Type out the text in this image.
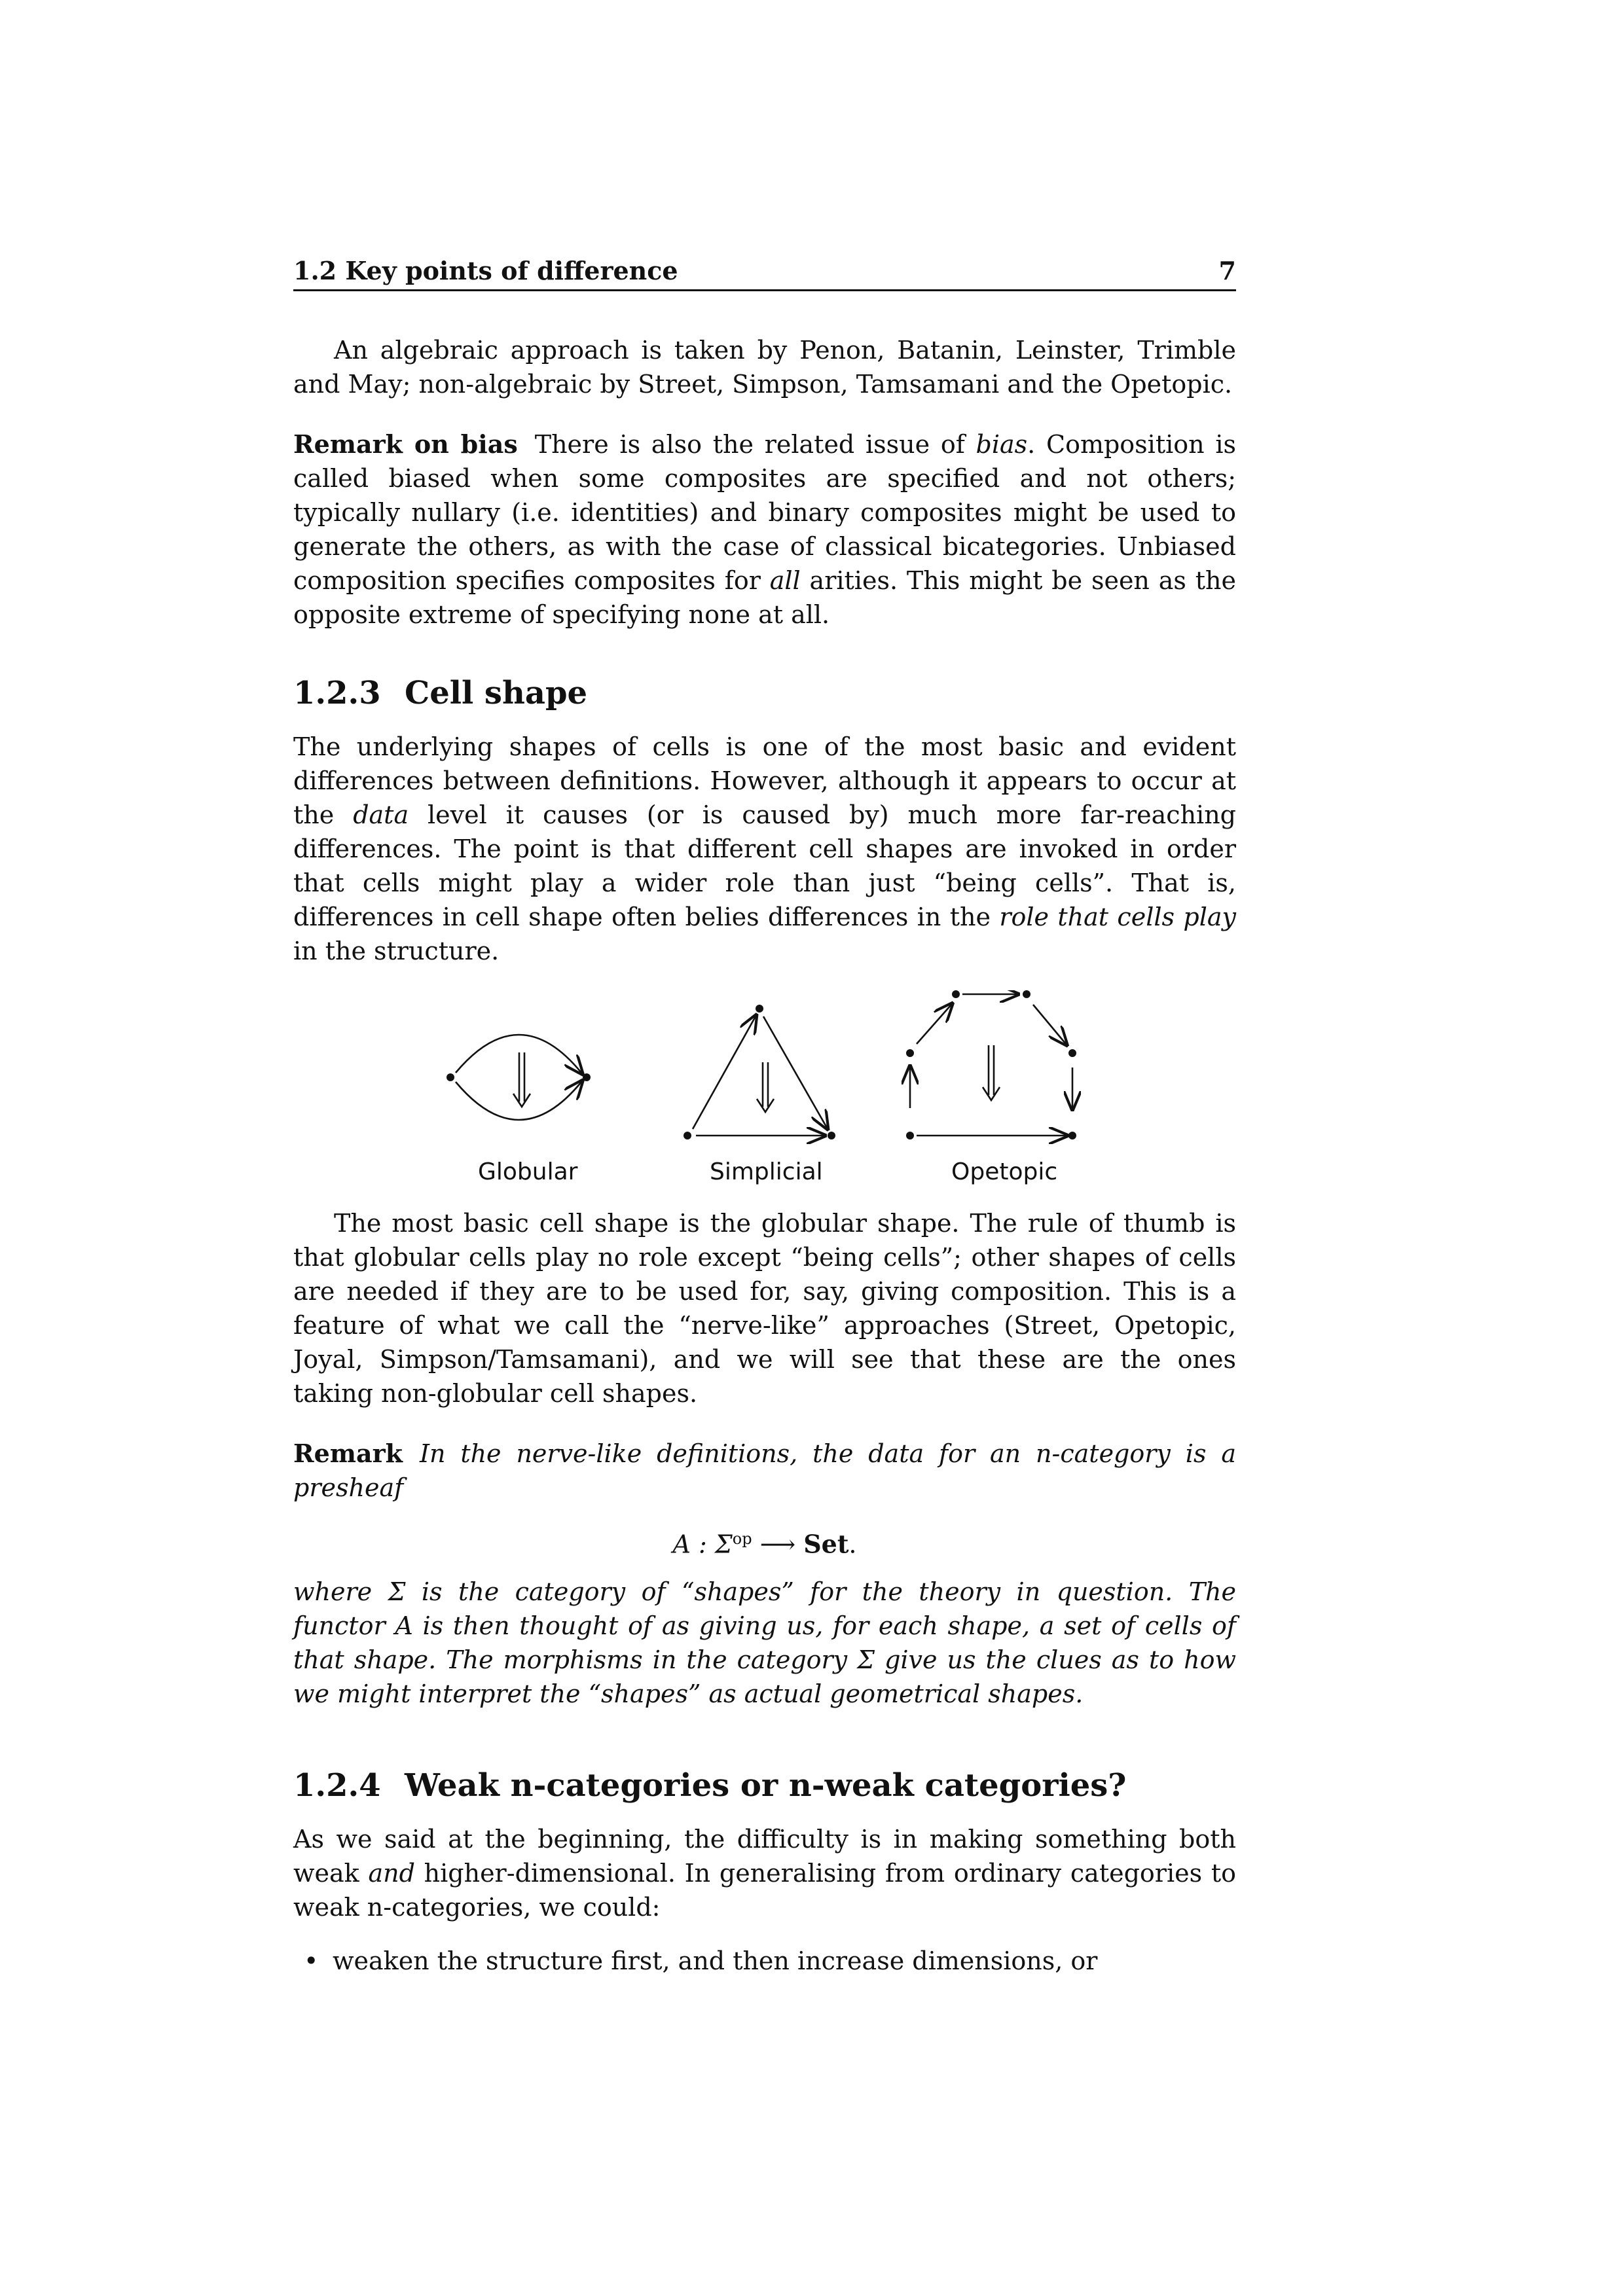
1.2 Key points of difference	7

An algebraic approach is taken by Penon, Batanin, Leinster, Trimble and May; non-algebraic by Street, Simpson, Tamsamani and the Opetopic.

Remark on bias There is also the related issue of bias. Composition is called biased when some composites are specified and not others; typically nullary (i.e. identities) and binary composites might be used to generate the others, as with the case of classical bicategories. Unbiased composition specifies composites for all arities. This might be seen as the opposite extreme of specifying none at all.

1.2.3 Cell shape

The underlying shapes of cells is one of the most basic and evident differences between definitions. However, although it appears to occur at the data level it causes (or is caused by) much more far-reaching differences. The point is that different cell shapes are invoked in order that cells might play a wider role than just “being cells”. That is, differences in cell shape often belies differences in the role that cells play in the structure.

Globular	Simplicial	Opetopic

The most basic cell shape is the globular shape. The rule of thumb is that globular cells play no role except “being cells”; other shapes of cells are needed if they are to be used for, say, giving composition. This is a feature of what we call the “nerve-like” approaches (Street, Opetopic, Joyal, Simpson/Tamsamani), and we will see that these are the ones taking non-globular cell shapes.

Remark In the nerve-like definitions, the data for an n-category is a presheaf

A : $\Sigma^{op}$ ⟶ Set.

where Σ is the category of “shapes” for the theory in question. The functor A is then thought of as giving us, for each shape, a set of cells of that shape. The morphisms in the category Σ give us the clues as to how we might interpret the “shapes” as actual geometrical shapes.

1.2.4 Weak n-categories or n-weak categories?

As we said at the beginning, the difficulty is in making something both weak and higher-dimensional. In generalising from ordinary categories to weak n-categories, we could:

• weaken the structure first, and then increase dimensions, or
